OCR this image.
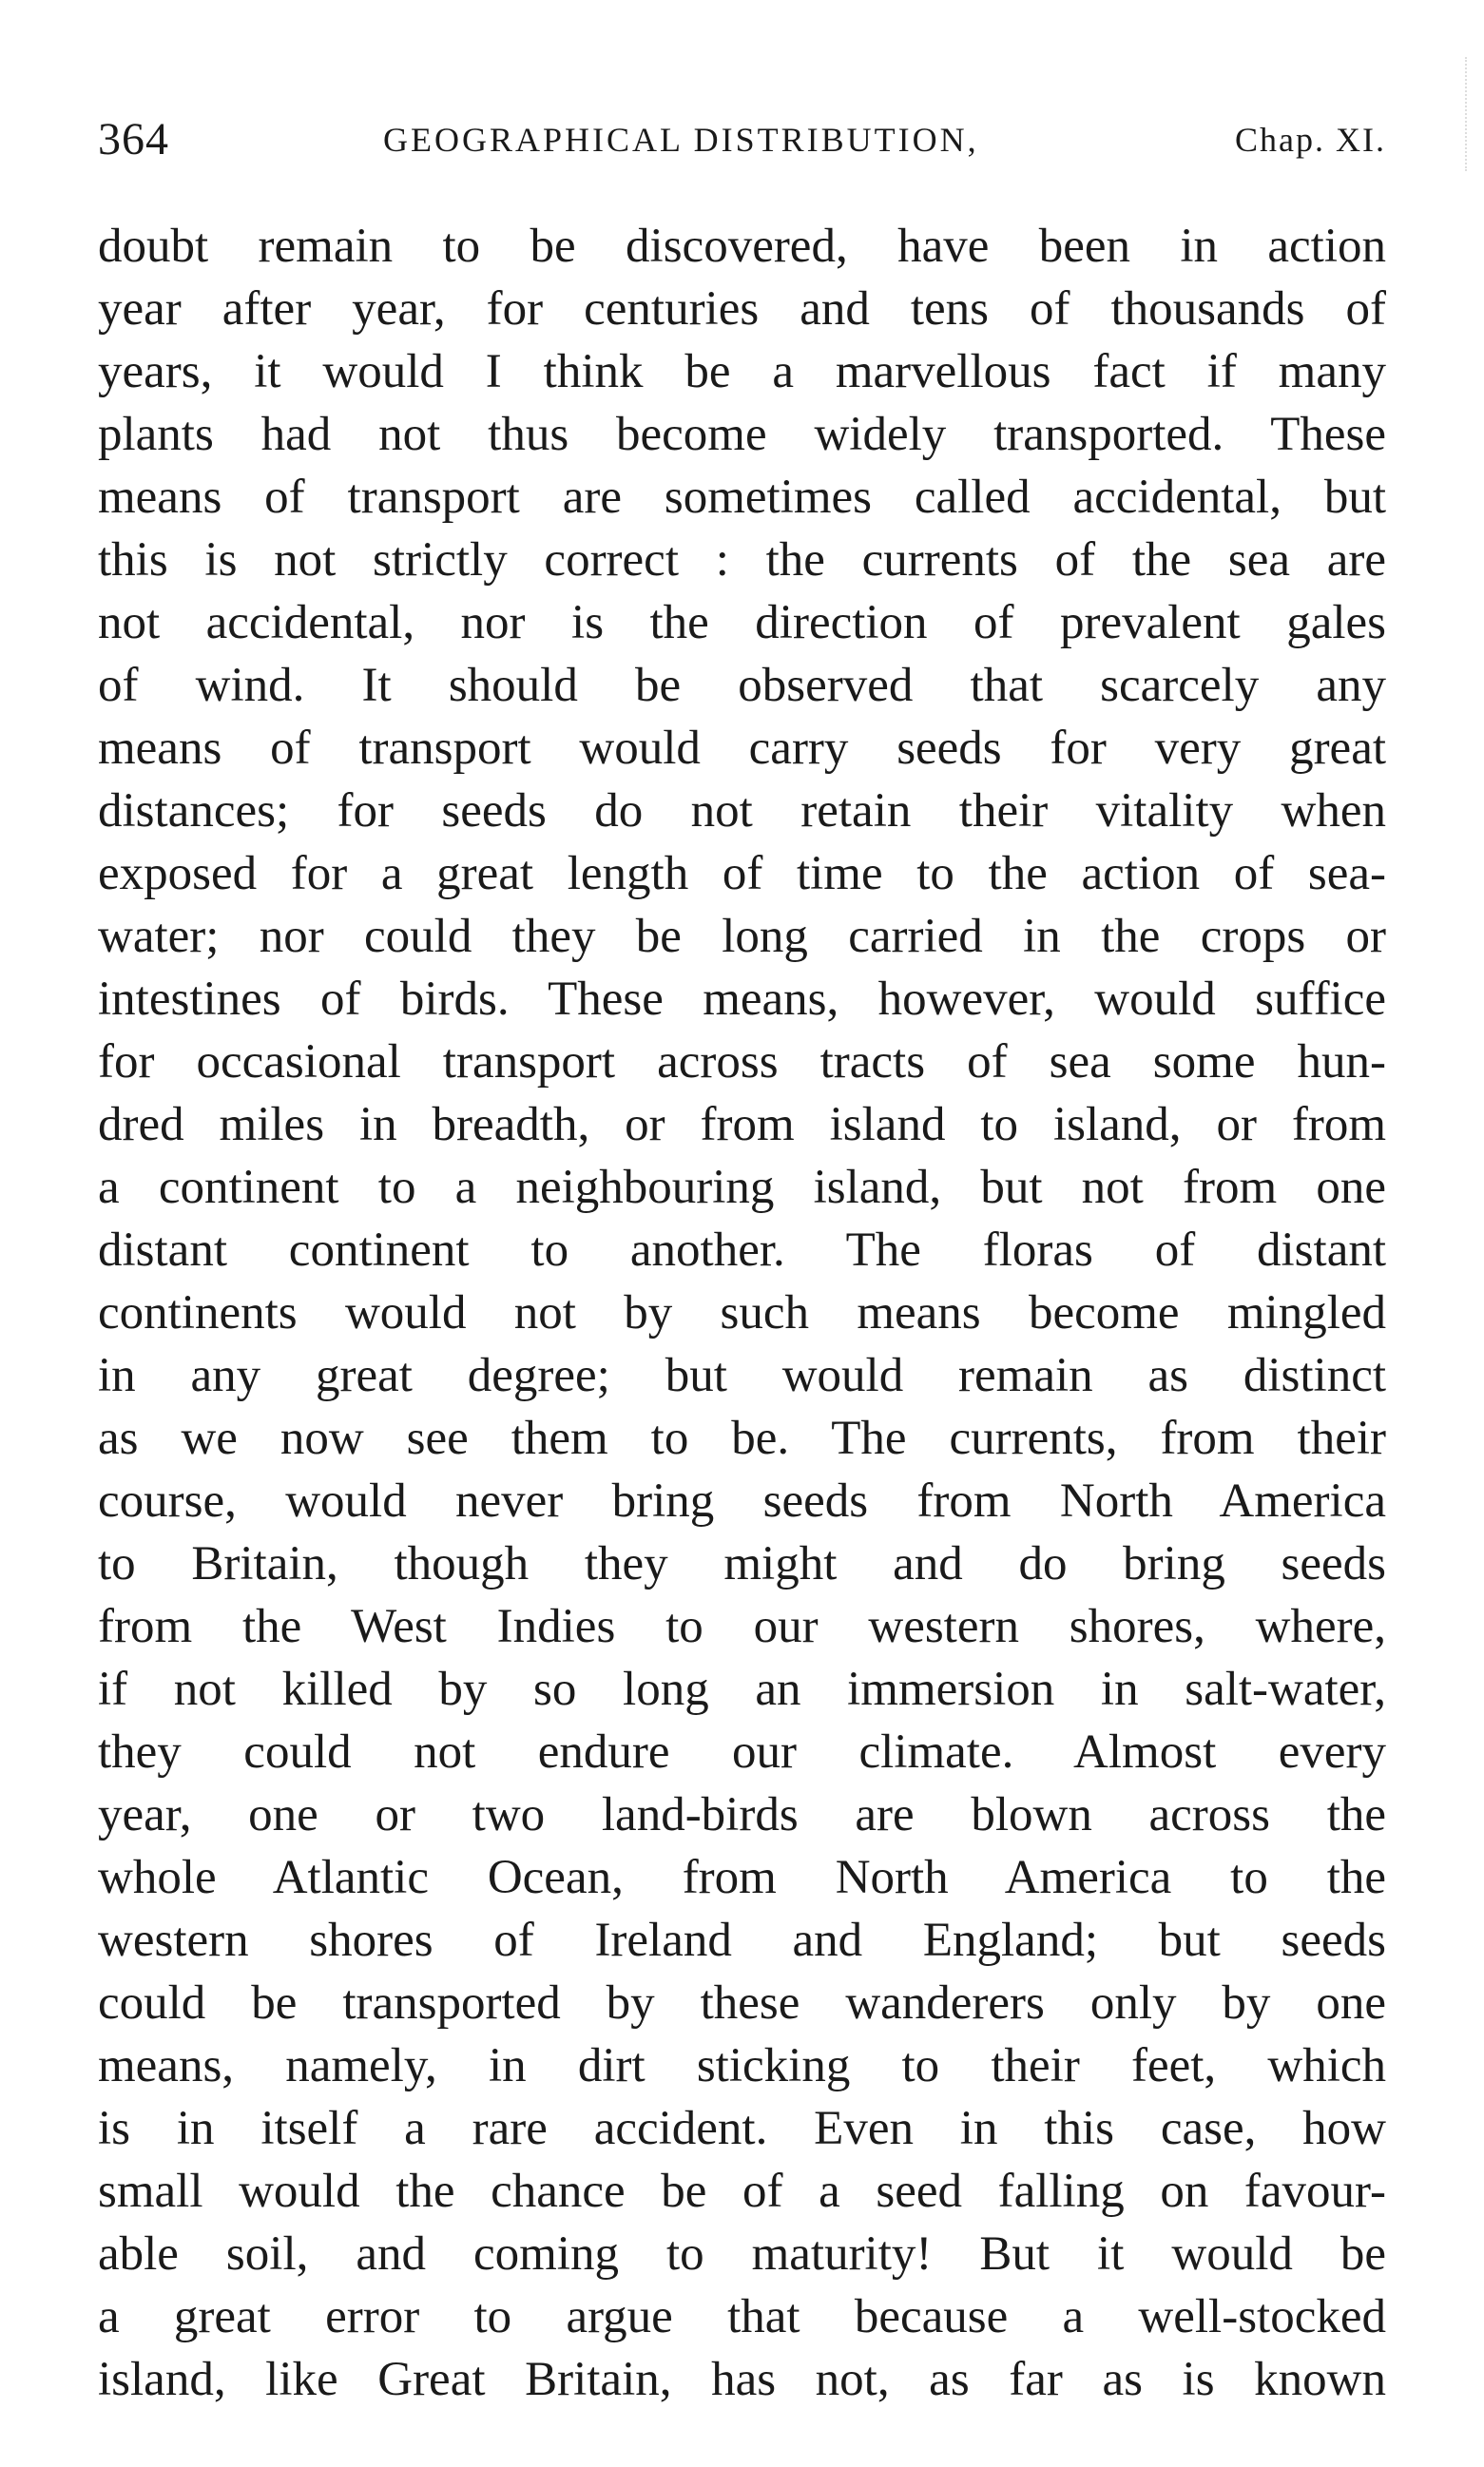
364	GEOGRAPHICAL DISTRIBUTION,	Chap. XI.
doubt remain to be discovered, have been in action
year after year, for centuries and tens of thousands of
years, it would I think be a marvellous fact if many
plants had not thus become widely transported. These
means of transport are sometimes called accidental, but
this is not strictly correct : the currents of the sea are
not accidental, nor is the direction of prevalent gales
of wind. It should be observed that scarcely any
means of transport would carry seeds for very great
distances; for seeds do not retain their vitality when
exposed for a great length of time to the action of sea-
water; nor could they be long carried in the crops or
intestines of birds. These means, however, would suffice
for occasional transport across tracts of sea some hun-
dred miles in breadth, or from island to island, or from
a continent to a neighbouring island, but not from one
distant continent to another. The floras of distant
continents would not by such means become mingled
in any great degree; but would remain as distinct
as we now see them to be. The currents, from their
course, would never bring seeds from North America
to Britain, though they might and do bring seeds
from the West Indies to our western shores, where,
if not killed by so long an immersion in salt-water,
they could not endure our climate. Almost every
year, one or two land-birds are blown across the
whole Atlantic Ocean, from North America to the
western shores of Ireland and England; but seeds
could be transported by these wanderers only by one
means, namely, in dirt sticking to their feet, which
is in itself a rare accident. Even in this case, how
small would the chance be of a seed falling on favour-
able soil, and coming to maturity! But it would be
a great error to argue that because a well-stocked
island, like Great Britain, has not, as far as is known
